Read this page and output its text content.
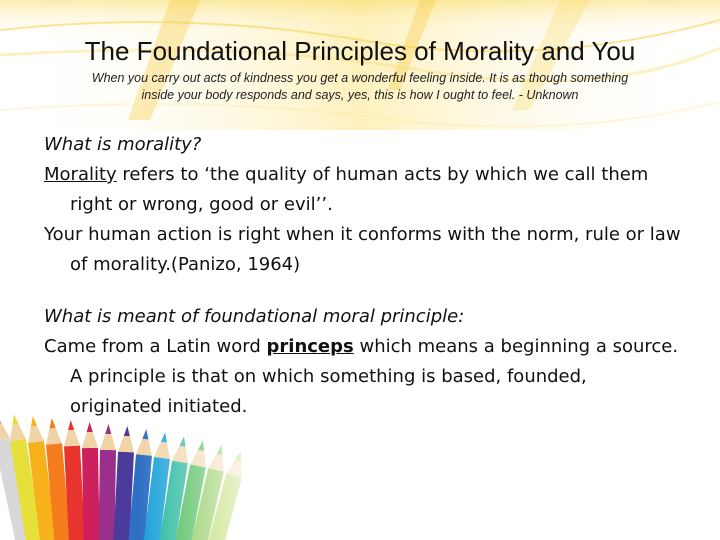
The Foundational Principles of Morality and You

When you carry out acts of kindness you get a wonderful feeling inside. It is as though something
inside your body responds and says, yes, this is how I ought to feel. - Unknown

What is morality?

Morality refers to ‘the quality of human acts by which we call them right or wrong, good or evil’’.

Your human action is right when it conforms with the norm, rule or law of morality.(Panizo, 1964)

What is meant of foundational moral principle:

Came from a Latin word princeps which means a beginning a source. A principle is that on which something is based, founded, originated initiated.
